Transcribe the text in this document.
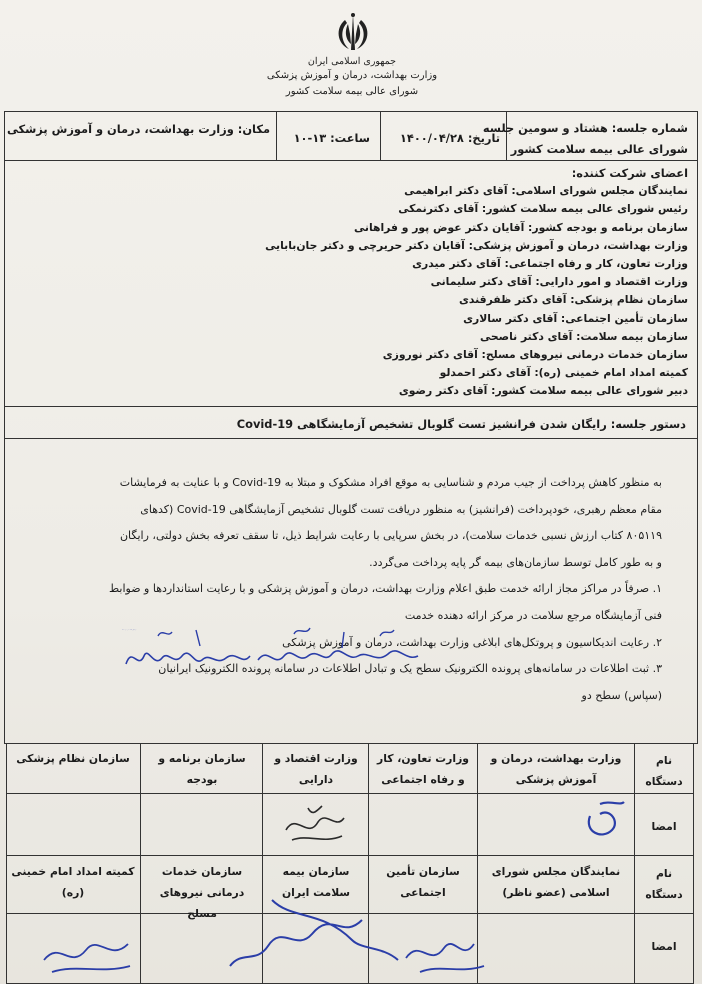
جمهوری اسلامی ایران
وزارت بهداشت، درمان و آموزش پزشکی
شورای عالی بیمه سلامت کشور
شماره جلسه: هشتاد و سومین جلسه
شورای عالی بیمه سلامت کشور
تاریخ: ۱۴۰۰/۰۴/۲۸
ساعت: ۱۳-۱۰
مکان: وزارت بهداشت، درمان و آموزش پزشکی
اعضای شرکت کننده:
نمایندگان مجلس شورای اسلامی: آقای دکتر ابراهیمی
رئیس شورای عالی بیمه سلامت کشور: آقای دکترنمکی
سازمان برنامه و بودجه کشور: آقایان دکتر عوض پور و فراهانی
وزارت بهداشت، درمان و آموزش پزشکی: آقایان دکتر حریرچی و دکتر جان‌بابایی
وزارت تعاون، کار و رفاه اجتماعی: آقای دکتر میدری
وزارت اقتصاد و امور دارایی: آقای دکتر سلیمانی
سازمان نظام پزشکی: آقای دکتر ظفرقندی
سازمان تأمین اجتماعی: آقای دکتر سالاری
سازمان بیمه سلامت: آقای دکتر ناصحی
سازمان خدمات درمانی نیروهای مسلح: آقای دکتر نوروزی
کمیته امداد امام خمینی (ره): آقای دکتر احمدلو
دبیر شورای عالی بیمه سلامت کشور: آقای دکتر رضوی
دستور جلسه: رایگان شدن فرانشیز تست گلوبال تشخیص آزمایشگاهی Covid-19
به منظور کاهش پرداخت از جیب مردم و شناسایی به موقع افراد مشکوک و مبتلا به Covid-19 و با عنایت به فرمایشات
مقام معظم رهبری، خودپرداخت (فرانشیز) به منظور دریافت تست گلوبال تشخیص آزمایشگاهی Covid-19 (کدهای
۸۰۵۱۱۹ کتاب ارزش نسبی خدمات سلامت)، در بخش سرپایی با رعایت شرایط ذیل، تا سقف تعرفه بخش دولتی، رایگان
و به طور کامل توسط سازمان‌های بیمه گر پایه پرداخت می‌گردد.
۱. صرفاً در مراکز مجاز ارائه خدمت طبق اعلام وزارت بهداشت، درمان و آموزش پزشکی و با رعایت استانداردها و ضوابط
فنی آزمایشگاه مرجع سلامت در مرکز ارائه دهنده خدمت
۲. رعایت اندیکاسیون و پروتکل‌های ابلاغی وزارت بهداشت، درمان و آموزش پزشکی
۳. ثبت اطلاعات در سامانه‌های پرونده الکترونیک سطح یک و تبادل اطلاعات در سامانه پرونده الکترونیک ایرانیان
(سپاس) سطح دو
و دکتر رعایت ... در ... و ... بیمه ...
نام دستگاه
امضا
نام دستگاه
امضا
وزارت بهداشت، درمان و آموزش پزشکی
وزارت تعاون، کار و رفاه اجتماعی
وزارت اقتصاد و دارایی
سازمان برنامه و بودجه
سازمان نظام پزشکی
نمایندگان مجلس شورای اسلامی (عضو ناظر)
سازمان تأمین اجتماعی
سازمان بیمه سلامت ایران
سازمان خدمات درمانی نیروهای مسلح
کمیته امداد امام خمینی (ره)
